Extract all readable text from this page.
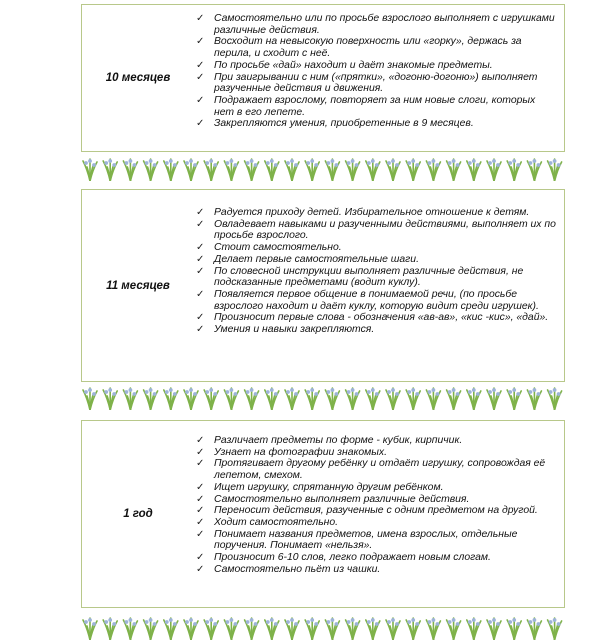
10 месяцев
✓ Самостоятельно или по просьбе взрослого выполняет с игрушками различные действия.
✓ Восходит на невысокую поверхность или «горку», держась за перила, и сходит с неё.
✓ По просьбе «дай» находит и даёт знакомые предметы.
✓ При заигрывании с ним («прятки», «догоню-догоню») выполняет разученные действия и движения.
✓ Подражает взрослому, повторяет за ним новые слоги, которых нет в его лепете.
✓ Закрепляются умения, приобретенные в 9 месяцев.
11 месяцев
✓ Радуется приходу детей. Избирательное отношение к детям.
✓ Овладевает навыками и разученными действиями, выполняет их по просьбе взрослого.
✓ Стоит самостоятельно.
✓ Делает первые самостоятельные шаги.
✓ По словесной инструкции выполняет различные действия, не подсказанные предметами (водит куклу).
✓ Появляется первое общение в понимаемой речи, (по просьбе взрослого находит и даёт куклу, которую видит среди игрушек).
✓ Произносит первые слова - обозначения «ав-ав», «кис -кис», «дай».
✓ Умения и навыки закрепляются.
1 год
✓ Различает предметы по форме - кубик, кирпичик.
✓ Узнает на фотографии знакомых.
✓ Протягивает другому ребёнку и отдаёт игрушку, сопровождая её лепетом, смехом.
✓ Ищет игрушку, спрятанную другим ребёнком.
✓ Самостоятельно выполняет различные действия.
✓ Переносит действия, разученные с одним предметом на другой.
✓ Ходит самостоятельно.
✓ Понимает названия предметов, имена взрослых, отдельные поручения. Понимает «нельзя».
✓ Произносит 6-10 слов, легко подражает новым слогам.
✓ Самостоятельно пьёт из чашки.
